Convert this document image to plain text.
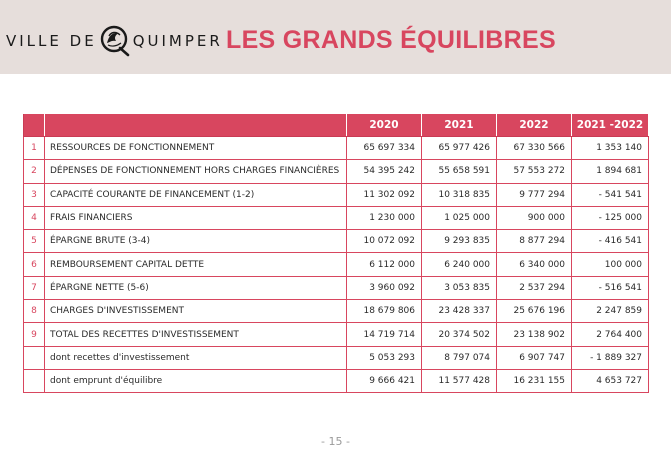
VILLE DE QUIMPER LES GRANDS ÉQUILIBRES
		2020	2021	2022	2021 -2022
1	RESSOURCES DE FONCTIONNEMENT	65 697 334	65 977 426	67 330 566	1 353 140
2	DÉPENSES DE FONCTIONNEMENT HORS CHARGES FINANCIÈRES	54 395 242	55 658 591	57 553 272	1 894 681
3	CAPACITÉ COURANTE DE FINANCEMENT (1-2)	11 302 092	10 318 835	9 777 294	- 541 541
4	FRAIS FINANCIERS	1 230 000	1 025 000	900 000	- 125 000
5	ÉPARGNE BRUTE (3-4)	10 072 092	9 293 835	8 877 294	- 416 541
6	REMBOURSEMENT CAPITAL DETTE	6 112 000	6 240 000	6 340 000	100 000
7	ÉPARGNE NETTE (5-6)	3 960 092	3 053 835	2 537 294	- 516 541
8	CHARGES D'INVESTISSEMENT	18 679 806	23 428 337	25 676 196	2 247 859
9	TOTAL DES RECETTES D'INVESTISSEMENT	14 719 714	20 374 502	23 138 902	2 764 400
	dont recettes d'investissement	5 053 293	8 797 074	6 907 747	- 1 889 327
	dont emprunt d'équilibre	9 666 421	11 577 428	16 231 155	4 653 727
- 15 -
